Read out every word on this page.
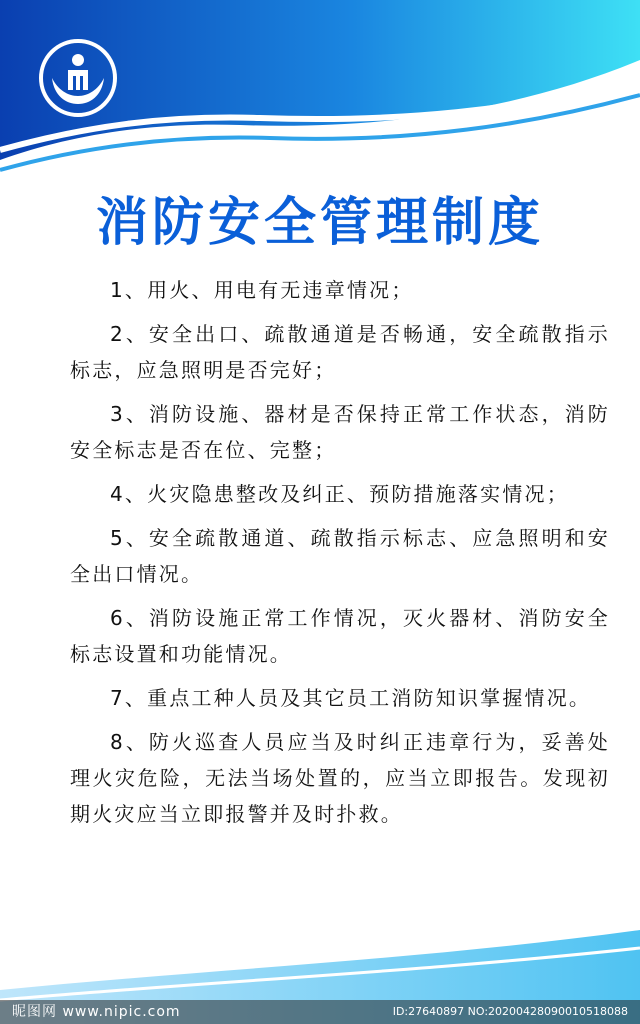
消防安全管理制度
1、用火、用电有无违章情况；
2、安全出口、疏散通道是否畅通，安全疏散指示标志，应急照明是否完好；
3、消防设施、器材是否保持正常工作状态，消防安全标志是否在位、完整；
4、火灾隐患整改及纠正、预防措施落实情况；
5、安全疏散通道、疏散指示标志、应急照明和安全出口情况。
6、消防设施正常工作情况，灭火器材、消防安全标志设置和功能情况。
7、重点工种人员及其它员工消防知识掌握情况。
8、防火巡查人员应当及时纠正违章行为，妥善处理火灾危险，无法当场处置的，应当立即报告。发现初期火灾应当立即报警并及时扑救。
昵图网 www.nipic.com	ID:27640897 NO:20200428090010518088
